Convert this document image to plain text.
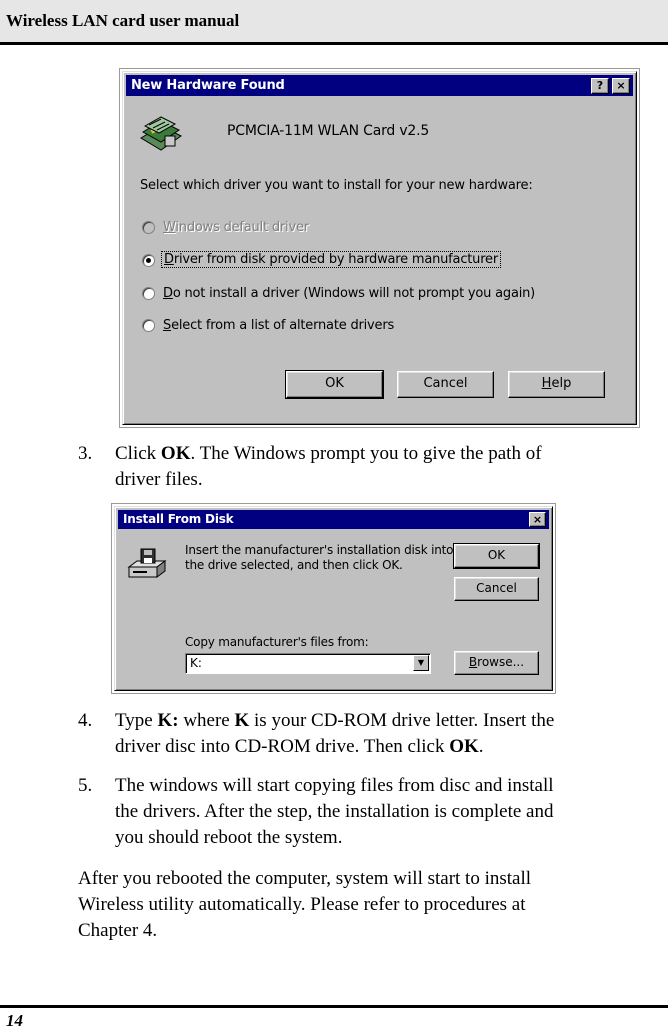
Wireless LAN card user manual
New Hardware Found	?	×
PCMCIA-11M WLAN Card v2.5
Select which driver you want to install for your new hardware:
Windows default driver
Driver from disk provided by hardware manufacturer
Do not install a driver (Windows will not prompt you again)
Select from a list of alternate drivers
OK	Cancel	Help
3. Click OK. The Windows prompt you to give the path of
driver files.
Install From Disk	×
Insert the manufacturer's installation disk into
the drive selected, and then click OK.
OK
Cancel
Copy manufacturer's files from:
K:	▼	Browse...
4. Type K: where K is your CD-ROM drive letter. Insert the
driver disc into CD-ROM drive. Then click OK.
5. The windows will start copying files from disc and install
the drivers. After the step, the installation is complete and
you should reboot the system.
After you rebooted the computer, system will start to install
Wireless utility automatically. Please refer to procedures at
Chapter 4.
14
